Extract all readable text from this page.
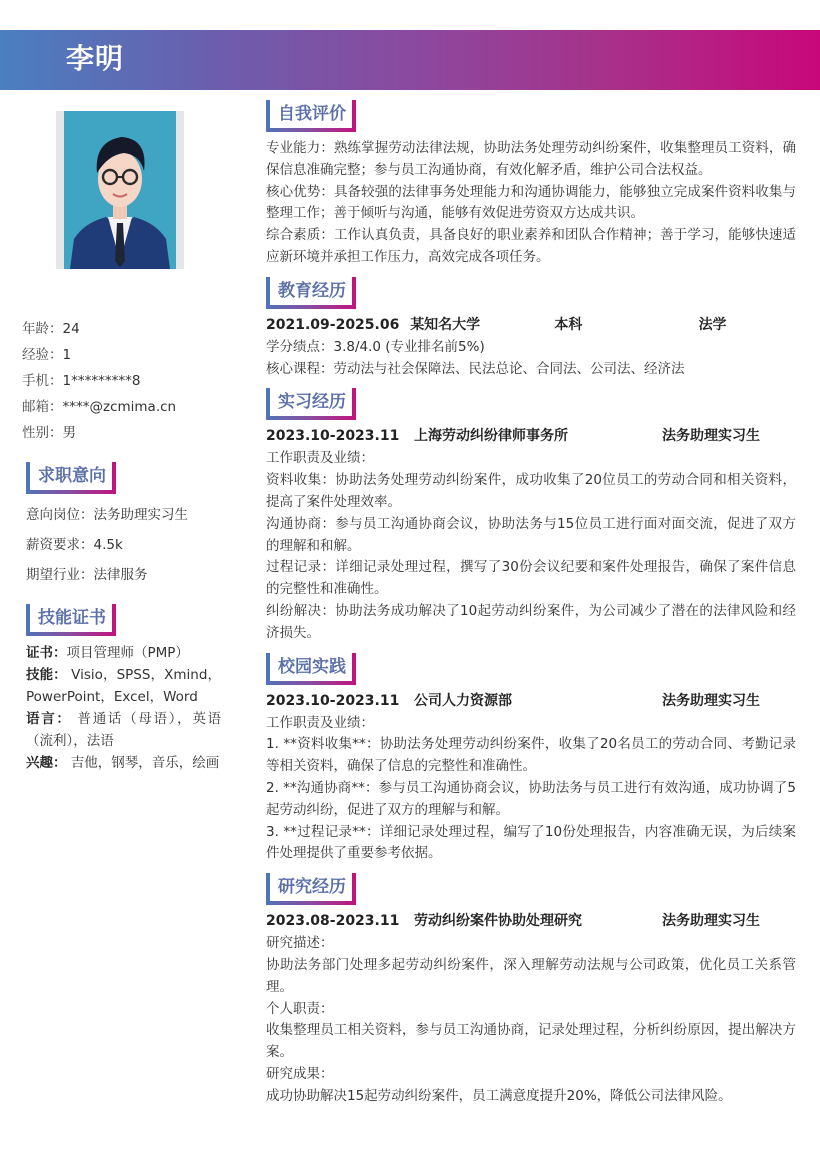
李明
年龄：24
经验：1
手机：1*********8
邮箱：****@zcmima.cn
性别：男
求职意向
意向岗位：法务助理实习生
薪资要求：4.5k
期望行业：法律服务
技能证书
证书：项目管理师（PMP）
技能： Visio，SPSS，Xmind，PowerPoint，Excel，Word
语言： 普通话（母语），英语（流利），法语
兴趣： 吉他，钢琴，音乐，绘画
自我评价
专业能力：熟练掌握劳动法律法规，协助法务处理劳动纠纷案件，收集整理员工资料，确保信息准确完整；参与员工沟通协商，有效化解矛盾，维护公司合法权益。
核心优势：具备较强的法律事务处理能力和沟通协调能力，能够独立完成案件资料收集与整理工作；善于倾听与沟通，能够有效促进劳资双方达成共识。
综合素质：工作认真负责，具备良好的职业素养和团队合作精神；善于学习，能够快速适应新环境并承担工作压力，高效完成各项任务。
教育经历
2021.09-2025.06 某知名大学	本科	法学
学分绩点：3.8/4.0 (专业排名前5%)
核心课程：劳动法与社会保障法、民法总论、合同法、公司法、经济法
实习经历
2023.10-2023.11	上海劳动纠纷律师事务所	法务助理实习生
工作职责及业绩：
资料收集：协助法务处理劳动纠纷案件，成功收集了20位员工的劳动合同和相关资料，提高了案件处理效率。
沟通协商：参与员工沟通协商会议，协助法务与15位员工进行面对面交流，促进了双方的理解和和解。
过程记录：详细记录处理过程，撰写了30份会议纪要和案件处理报告，确保了案件信息的完整性和准确性。
纠纷解决：协助法务成功解决了10起劳动纠纷案件，为公司减少了潜在的法律风险和经济损失。
校园实践
2023.10-2023.11	公司人力资源部	法务助理实习生
工作职责及业绩：
1. **资料收集**：协助法务处理劳动纠纷案件，收集了20名员工的劳动合同、考勤记录等相关资料，确保了信息的完整性和准确性。
2. **沟通协商**：参与员工沟通协商会议，协助法务与员工进行有效沟通，成功协调了5起劳动纠纷，促进了双方的理解与和解。
3. **过程记录**：详细记录处理过程，编写了10份处理报告，内容准确无误，为后续案件处理提供了重要参考依据。
研究经历
2023.08-2023.11	劳动纠纷案件协助处理研究	法务助理实习生
研究描述：
协助法务部门处理多起劳动纠纷案件，深入理解劳动法规与公司政策，优化员工关系管理。
个人职责：
收集整理员工相关资料，参与员工沟通协商，记录处理过程，分析纠纷原因，提出解决方案。
研究成果：
成功协助解决15起劳动纠纷案件，员工满意度提升20%，降低公司法律风险。
